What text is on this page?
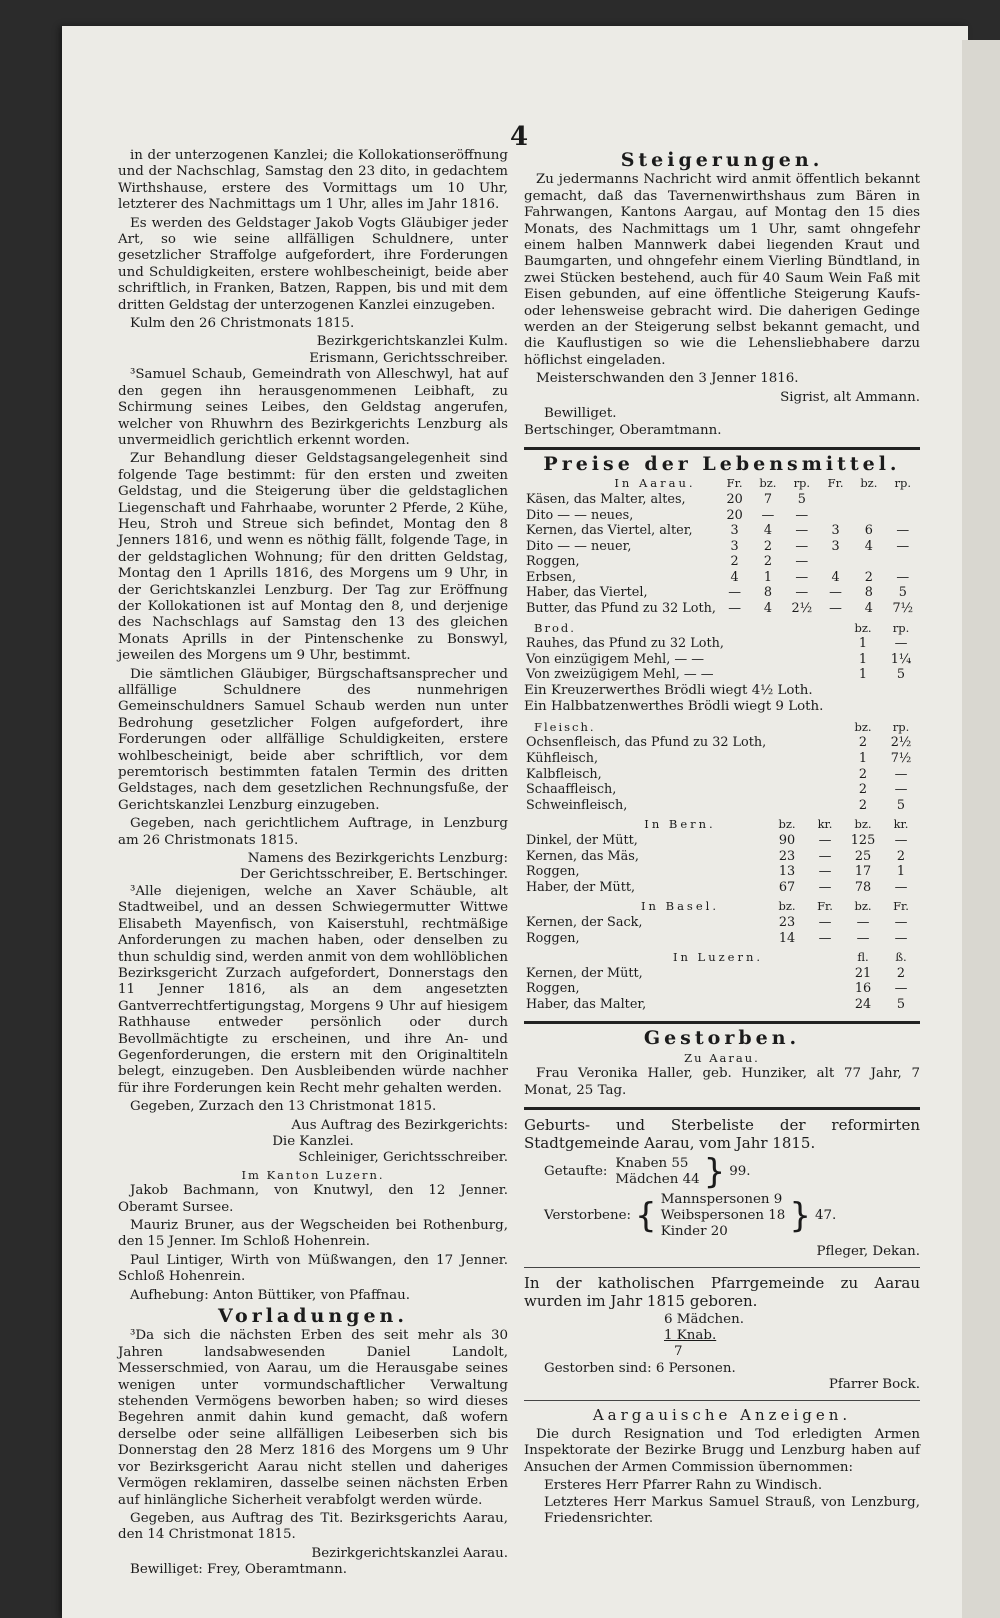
4

in der unterzogenen Kanzlei; die Kollokationseröffnung und der Nachschlag, Samstag den 23 dito, in gedachtem Wirthshause, erstere des Vormittags um 10 Uhr, letzterer des Nachmittags um 1 Uhr, alles im Jahr 1816.

Es werden des Geldstager Jakob Vogts Gläubiger jeder Art, so wie seine allfälligen Schuldnere, unter gesetzlicher Straffolge aufgefordert, ihre Forderungen und Schuldigkeiten, erstere wohlbescheinigt, beide aber schriftlich, in Franken, Batzen, Rappen, bis und mit dem dritten Geldstag der unterzogenen Kanzlei einzugeben.

Kulm den 26 Christmonats 1815.

Bezirkgerichtskanzlei Kulm.
Erismann, Gerichtsschreiber.

³Samuel Schaub, Gemeindrath von Alleschwyl, hat auf den gegen ihn herausgenommenen Leibhaft, zu Schirmung seines Leibes, den Geldstag angerufen, welcher von Rhuwhrn des Bezirkgerichts Lenzburg als unvermeidlich gerichtlich erkennt worden.

Zur Behandlung dieser Geldstagsangelegenheit sind folgende Tage bestimmt: für den ersten und zweiten Geldstag, und die Steigerung über die geldstaglichen Liegenschaft und Fahrhaabe, worunter 2 Pferde, 2 Kühe, Heu, Stroh und Streue sich befindet, Montag den 8 Jenners 1816, und wenn es nöthig fällt, folgende Tage, in der geldstaglichen Wohnung; für den dritten Geldstag, Montag den 1 Aprills 1816, des Morgens um 9 Uhr, in der Gerichtskanzlei Lenzburg. Der Tag zur Eröffnung der Kollokationen ist auf Montag den 8, und derjenige des Nachschlags auf Samstag den 13 des gleichen Monats Aprills in der Pintenschenke zu Bonswyl, jeweilen des Morgens um 9 Uhr, bestimmt.

Die sämtlichen Gläubiger, Bürgschaftsansprecher und allfällige Schuldnere des nunmehrigen Gemeinschuldners Samuel Schaub werden nun unter Bedrohung gesetzlicher Folgen aufgefordert, ihre Forderungen oder allfällige Schuldigkeiten, erstere wohlbescheinigt, beide aber schriftlich, vor dem peremtorisch bestimmten fatalen Termin des dritten Geldstages, nach dem gesetzlichen Rechnungsfuße, der Gerichtskanzlei Lenzburg einzugeben.

Gegeben, nach gerichtlichem Auftrage, in Lenzburg am 26 Christmonats 1815.

Namens des Bezirkgerichts Lenzburg:
Der Gerichtsschreiber, E. Bertschinger.

³Alle diejenigen, welche an Xaver Schäuble, alt Stadtweibel, und an dessen Schwiegermutter Wittwe Elisabeth Mayenfisch, von Kaiserstuhl, rechtmäßige Anforderungen zu machen haben, oder denselben zu thun schuldig sind, werden anmit von dem wohllöblichen Bezirksgericht Zurzach aufgefordert, Donnerstags den 11 Jenner 1816, als an dem angesetzten Gantverrechtfertigungstag, Morgens 9 Uhr auf hiesigem Rathhause entweder persönlich oder durch Bevollmächtigte zu erscheinen, und ihre An- und Gegenforderungen, die erstern mit den Originaltiteln belegt, einzugeben. Den Ausbleibenden würde nachher für ihre Forderungen kein Recht mehr gehalten werden.

Gegeben, Zurzach den 13 Christmonat 1815.

Aus Auftrag des Bezirkgerichts:
Die Kanzlei.
Schleiniger, Gerichtsschreiber.
Im Kanton Luzern.

Jakob Bachmann, von Knutwyl, den 12 Jenner. Oberamt Sursee.

Mauriz Bruner, aus der Wegscheiden bei Rothenburg, den 15 Jenner. Im Schloß Hohenrein.

Paul Lintiger, Wirth von Müßwangen, den 17 Jenner. Schloß Hohenrein.

Aufhebung: Anton Büttiker, von Pfaffnau.

Vorladungen.

³Da sich die nächsten Erben des seit mehr als 30 Jahren landsabwesenden Daniel Landolt, Messerschmied, von Aarau, um die Herausgabe seines wenigen unter vormundschaftlicher Verwaltung stehenden Vermögens beworben haben; so wird dieses Begehren anmit dahin kund gemacht, daß wofern derselbe oder seine allfälligen Leibeserben sich bis Donnerstag den 28 Merz 1816 des Morgens um 9 Uhr vor Bezirksgericht Aarau nicht stellen und daheriges Vermögen reklamiren, dasselbe seinen nächsten Erben auf hinlängliche Sicherheit verabfolgt werden würde.

Gegeben, aus Auftrag des Tit. Bezirksgerichts Aarau, den 14 Christmonat 1815.

Bezirkgerichtskanzlei Aarau.

Bewilliget: Frey, Oberamtmann.

Steigerungen.

Zu jedermanns Nachricht wird anmit öffentlich bekannt gemacht, daß das Tavernenwirthshaus zum Bären in Fahrwangen, Kantons Aargau, auf Montag den 15 dies Monats, des Nachmittags um 1 Uhr, samt ohngefehr einem halben Mannwerk dabei liegenden Kraut und Baumgarten, und ohngefehr einem Vierling Bündtland, in zwei Stücken bestehend, auch für 40 Saum Wein Faß mit Eisen gebunden, auf eine öffentliche Steigerung Kaufs- oder lehensweise gebracht wird. Die daherigen Gedinge werden an der Steigerung selbst bekannt gemacht, und die Kauflustigen so wie die Lehensliebhabere darzu höflichst eingeladen.

Meisterschwanden den 3 Jenner 1816.

Sigrist, alt Ammann.
Bewilliget.
Bertschinger, Oberamtmann.
Preise der Lebensmittel.
In Aarau.	Fr.	bz.	rp.	Fr.	bz.	rp.
Käsen, das Malter, altes,	20	7	5			
Dito — — neues,	20	—	—			
Kernen, das Viertel, alter,	3	4	—	3	6	—
Dito — — neuer,	3	2	—	3	4	—
Roggen,	2	2	—			
Erbsen,	4	1	—	4	2	—
Haber, das Viertel,	—	8	—	—	8	5
Butter, das Pfund zu 32 Loth,	—	4	2½	—	4	7½
Brod.	bz.	rp.
Rauhes, das Pfund zu 32 Loth,	1	—
Von einzügigem Mehl, — —	1	1¼
Von zweizügigem Mehl, — —	1	5
Ein Kreuzerwerthes Brödli wiegt 4½ Loth.
Ein Halbbatzenwerthes Brödli wiegt 9 Loth.
Fleisch.	bz.	rp.
Ochsenfleisch, das Pfund zu 32 Loth,	2	2½
Kühfleisch,	1	7½
Kalbfleisch,	2	—
Schaaffleisch,	2	—
Schweinfleisch,	2	5
In Bern.	bz.	kr.	bz.	kr.
Dinkel, der Mütt,	90	—	125	—
Kernen, das Mäs,	23	—	25	2
Roggen,	13	—	17	1
Haber, der Mütt,	67	—	78	—
In Basel.	bz.	Fr.	bz.	Fr.
Kernen, der Sack,	23	—	—	—
Roggen,	14	—	—	—
In Luzern.	fl.	ß.
Kernen, der Mütt,	21	2
Roggen,	16	—
Haber, das Malter,	24	5
Gestorben.
Zu Aarau.

Frau Veronika Haller, geb. Hunziker, alt 77 Jahr, 7 Monat, 25 Tag.

Geburts- und Sterbeliste der reformirten Stadtgemeinde Aarau, vom Jahr 1815.

Getaufte:
Knaben 55
Mädchen 44 } 99.
Verstorbene: { Mannspersonen 9
Weibspersonen 18
Kinder 20	} 47.
Pfleger, Dekan.

In der katholischen Pfarrgemeinde zu Aarau wurden im Jahr 1815 geboren.

6 Mädchen.
1 Knab.
7
Gestorben sind: 6 Personen.
Pfarrer Bock.
Aargauische Anzeigen.

Die durch Resignation und Tod erledigten Armen Inspektorate der Bezirke Brugg und Lenzburg haben auf Ansuchen der Armen Commission übernommen:

Ersteres Herr Pfarrer Rahn zu Windisch.
Letzteres Herr Markus Samuel Strauß, von Lenzburg, Friedensrichter.
